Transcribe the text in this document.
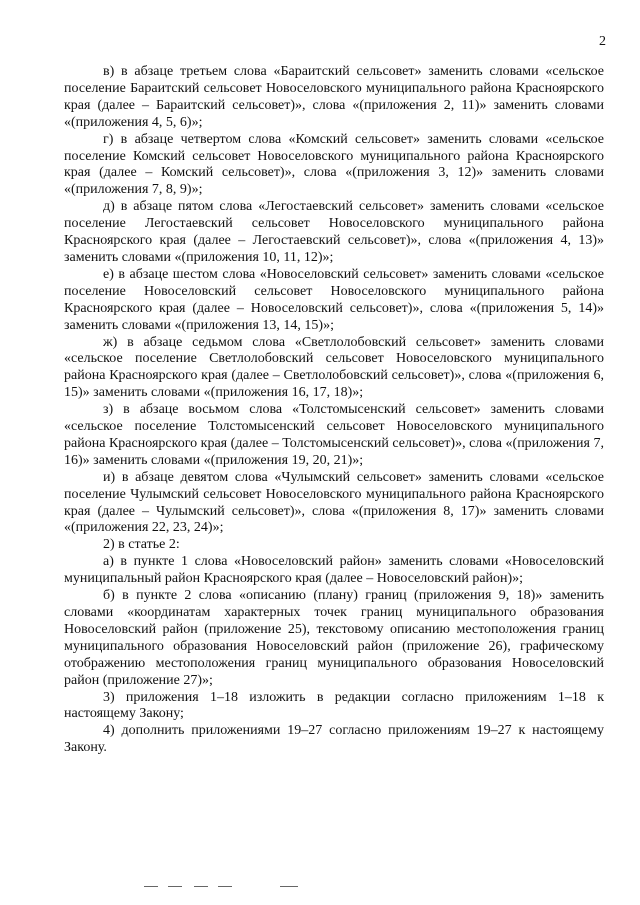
2

в) в абзаце третьем слова «Бараитский сельсовет» заменить словами «сельское поселение Бараитский сельсовет Новоселовского муниципального района Красноярского края (далее – Бараитский сельсовет)», слова «(приложения 2, 11)» заменить словами «(приложения 4, 5, 6)»;

г) в абзаце четвертом слова «Комский сельсовет» заменить словами «сельское поселение Комский сельсовет Новоселовского муниципального района Красноярского края (далее – Комский сельсовет)», слова «(приложения 3, 12)» заменить словами «(приложения 7, 8, 9)»;

д) в абзаце пятом слова «Легостаевский сельсовет» заменить словами «сельское поселение Легостаевский сельсовет Новоселовского муниципального района Красноярского края (далее – Легостаевский сельсовет)», слова «(приложения 4, 13)» заменить словами «(приложения 10, 11, 12)»;

е) в абзаце шестом слова «Новоселовский сельсовет» заменить словами «сельское поселение Новоселовский сельсовет Новоселовского муниципального района Красноярского края (далее – Новоселовский сельсовет)», слова «(приложения 5, 14)» заменить словами «(приложения 13, 14, 15)»;

ж) в абзаце седьмом слова «Светлолобовский сельсовет» заменить словами «сельское поселение Светлолобовский сельсовет Новоселовского муниципального района Красноярского края (далее – Светлолобовский сельсовет)», слова «(приложения 6, 15)» заменить словами «(приложения 16, 17, 18)»;

з) в абзаце восьмом слова «Толстомысенский сельсовет» заменить словами «сельское поселение Толстомысенский сельсовет Новоселовского муниципального района Красноярского края (далее – Толстомысенский сельсовет)», слова «(приложения 7, 16)» заменить словами «(приложения 19, 20, 21)»;

и) в абзаце девятом слова «Чулымский сельсовет» заменить словами «сельское поселение Чулымский сельсовет Новоселовского муниципального района Красноярского края (далее – Чулымский сельсовет)», слова «(приложения 8, 17)» заменить словами «(приложения 22, 23, 24)»;

2) в статье 2:

а) в пункте 1 слова «Новоселовский район» заменить словами «Новоселовский муниципальный район Красноярского края (далее – Новоселовский район)»;

б) в пункте 2 слова «описанию (плану) границ (приложения 9, 18)» заменить словами «координатам характерных точек границ муниципального образования Новоселовский район (приложение 25), текстовому описанию местоположения границ муниципального образования Новоселовский район (приложение 26), графическому отображению местоположения границ муниципального образования Новоселовский район (приложение 27)»;

3) приложения 1–18 изложить в редакции согласно приложениям 1–18 к настоящему Закону;

4) дополнить приложениями 19–27 согласно приложениям 19–27 к настоящему Закону.
